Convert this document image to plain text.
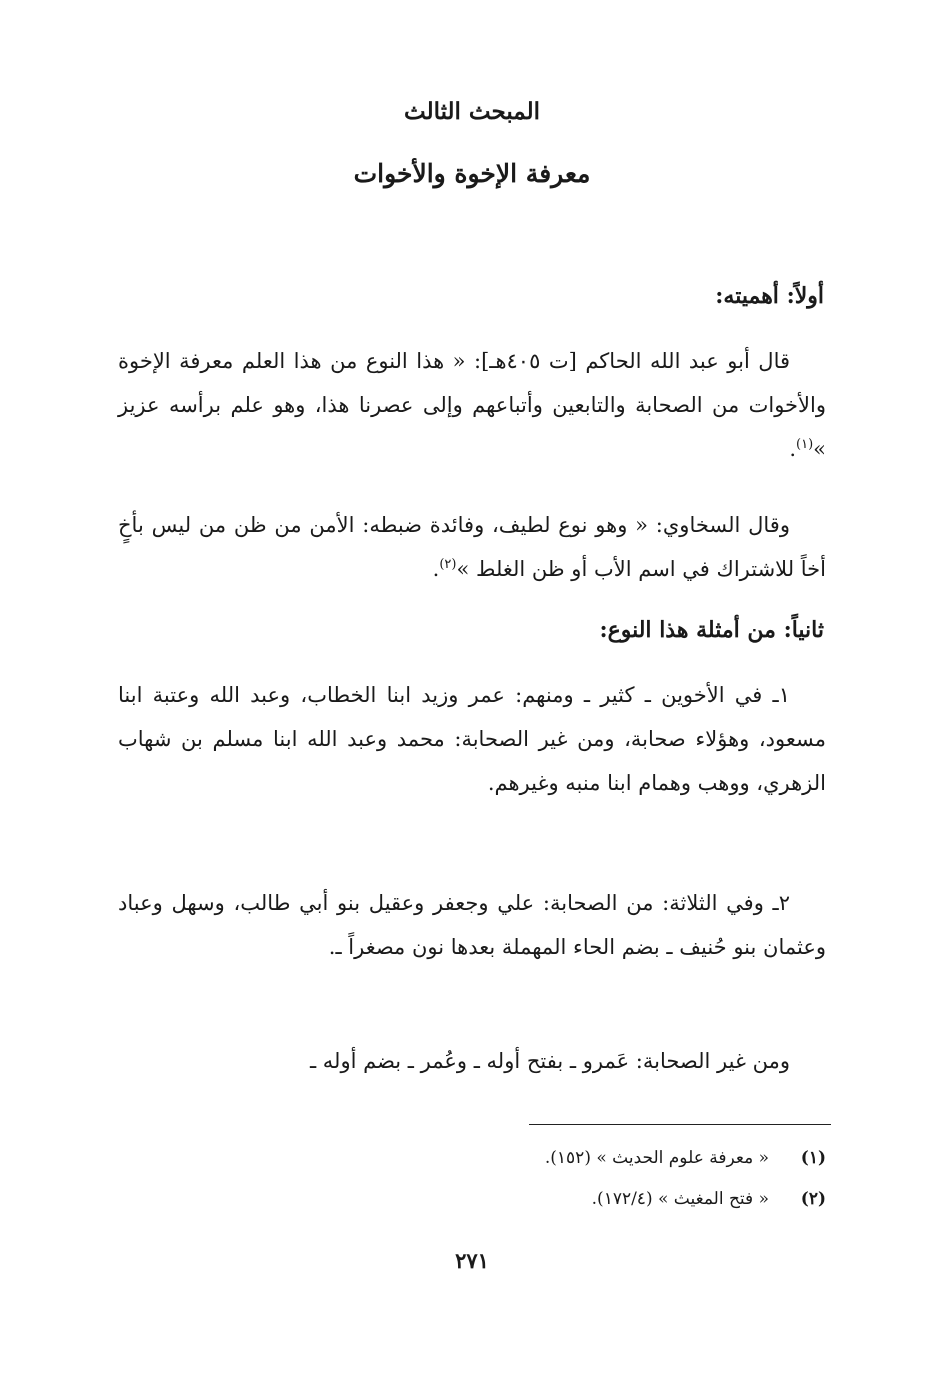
المبحث الثالث
معرفة الإخوة والأخوات
أولاً: أهميته:

قال أبو عبد الله الحاكم [ت ٤٠٥هـ]: « هذا النوع من هذا العلم معرفة الإخوة والأخوات من الصحابة والتابعين وأتباعهم وإلى عصرنا هذا، وهو علم برأسه عزيز »$^{(١)}$.

وقال السخاوي: « وهو نوع لطيف، وفائدة ضبطه: الأمن من ظن من ليس بأخٍ أخاً للاشتراك في اسم الأب أو ظن الغلط »$^{(٢)}$.

ثانياً: من أمثلة هذا النوع:

١ـ في الأخوين ـ كثير ـ ومنهم: عمر وزيد ابنا الخطاب، وعبد الله وعتبة ابنا مسعود، وهؤلاء صحابة، ومن غير الصحابة: محمد وعبد الله ابنا مسلم بن شهاب الزهري، ووهب وهمام ابنا منبه وغيرهم.

٢ـ وفي الثلاثة: من الصحابة: علي وجعفر وعقيل بنو أبي طالب، وسهل وعباد وعثمان بنو حُنيف ـ بضم الحاء المهملة بعدها نون مصغراً ـ.

ومن غير الصحابة: عَمرو ـ بفتح أوله ـ وعُمر ـ بضم أوله ـ

(١)
« معرفة علوم الحديث » (١٥٢).

(٢)
« فتح المغيث » (١٧٢/٤).

٢٧١
